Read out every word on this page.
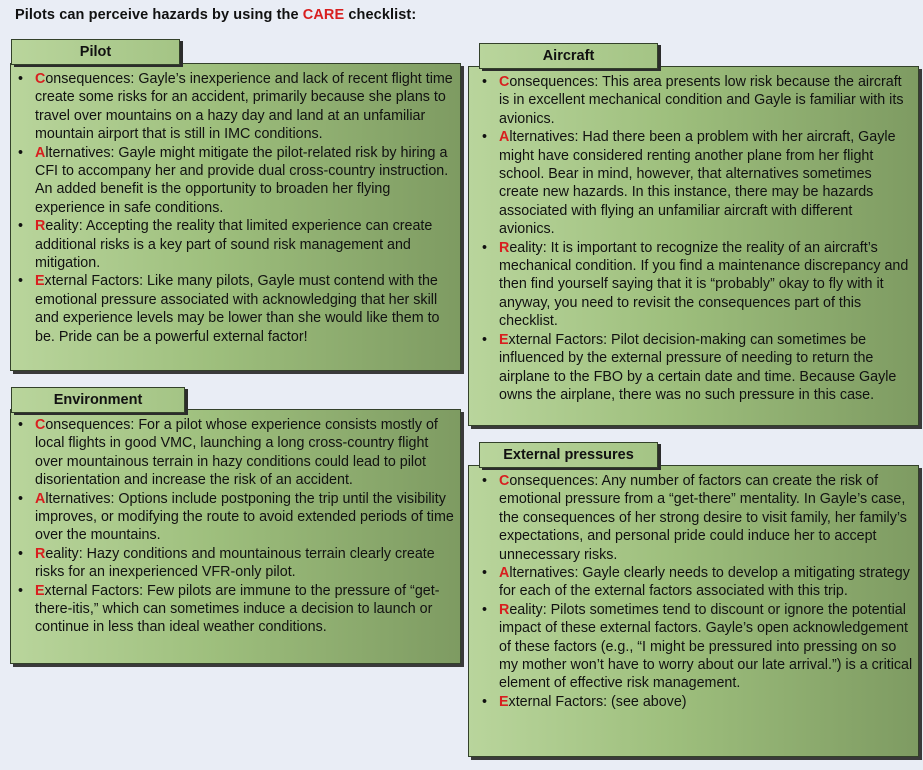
Pilots can perceive hazards by using the CARE checklist:
Pilot
• Consequences: Gayle’s inexperience and lack of recent flight time create some risks for an accident, primarily because she plans to travel over mountains on a hazy day and land at an unfamiliar mountain airport that is still in IMC conditions.
• Alternatives: Gayle might mitigate the pilot-related risk by hiring a CFI to accompany her and provide dual cross-country instruction. An added benefit is the opportunity to broaden her flying experience in safe conditions.
• Reality: Accepting the reality that limited experience can create additional risks is a key part of sound risk management and mitigation.
• External Factors: Like many pilots, Gayle must contend with the emotional pressure associated with acknowledging that her skill and experience levels may be lower than she would like them to be. Pride can be a powerful external factor!
Aircraft
• Consequences: This area presents low risk because the aircraft is in excellent mechanical condition and Gayle is familiar with its avionics.
• Alternatives: Had there been a problem with her aircraft, Gayle might have considered renting another plane from her flight school. Bear in mind, however, that alternatives sometimes create new hazards. In this instance, there may be hazards associated with flying an unfamiliar aircraft with different avionics.
• Reality: It is important to recognize the reality of an aircraft’s mechanical condition. If you find a maintenance discrepancy and then find yourself saying that it is “probably” okay to fly with it anyway, you need to revisit the consequences part of this checklist.
• External Factors: Pilot decision-making can sometimes be influenced by the external pressure of needing to return the airplane to the FBO by a certain date and time. Because Gayle owns the airplane, there was no such pressure in this case.
Environment
• Consequences: For a pilot whose experience consists mostly of local flights in good VMC, launching a long cross-country flight over mountainous terrain in hazy conditions could lead to pilot disorientation and increase the risk of an accident.
• Alternatives: Options include postponing the trip until the visibility improves, or modifying the route to avoid extended periods of time over the mountains.
• Reality: Hazy conditions and mountainous terrain clearly create risks for an inexperienced VFR-only pilot.
• External Factors: Few pilots are immune to the pressure of “get-there-itis,” which can sometimes induce a decision to launch or continue in less than ideal weather conditions.
External pressures
• Consequences: Any number of factors can create the risk of emotional pressure from a “get-there” mentality. In Gayle’s case, the consequences of her strong desire to visit family, her family’s expectations, and personal pride could induce her to accept unnecessary risks.
• Alternatives: Gayle clearly needs to develop a mitigating strategy for each of the external factors associated with this trip.
• Reality: Pilots sometimes tend to discount or ignore the potential impact of these external factors. Gayle’s open acknowledgement of these factors (e.g., “I might be pressured into pressing on so my mother won’t have to worry about our late arrival.”) is a critical element of effective risk management.
• External Factors: (see above)
